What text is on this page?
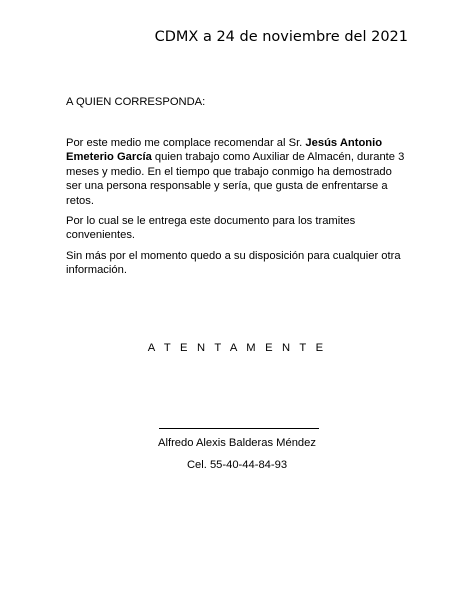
CDMX a 24 de noviembre del 2021
A QUIEN CORRESPONDA:

Por este medio me complace recomendar al Sr. Jesús Antonio Emeterio García quien trabajo como Auxiliar de Almacén, durante 3 meses y medio. En el tiempo que trabajo conmigo ha demostrado ser una persona responsable y sería, que gusta de enfrentarse a retos.

Por lo cual se le entrega este documento para los tramites convenientes.

Sin más por el momento quedo a su disposición para cualquier otra información.

A T E N T A M E N T E
Alfredo Alexis Balderas Méndez
Cel. 55-40-44-84-93
